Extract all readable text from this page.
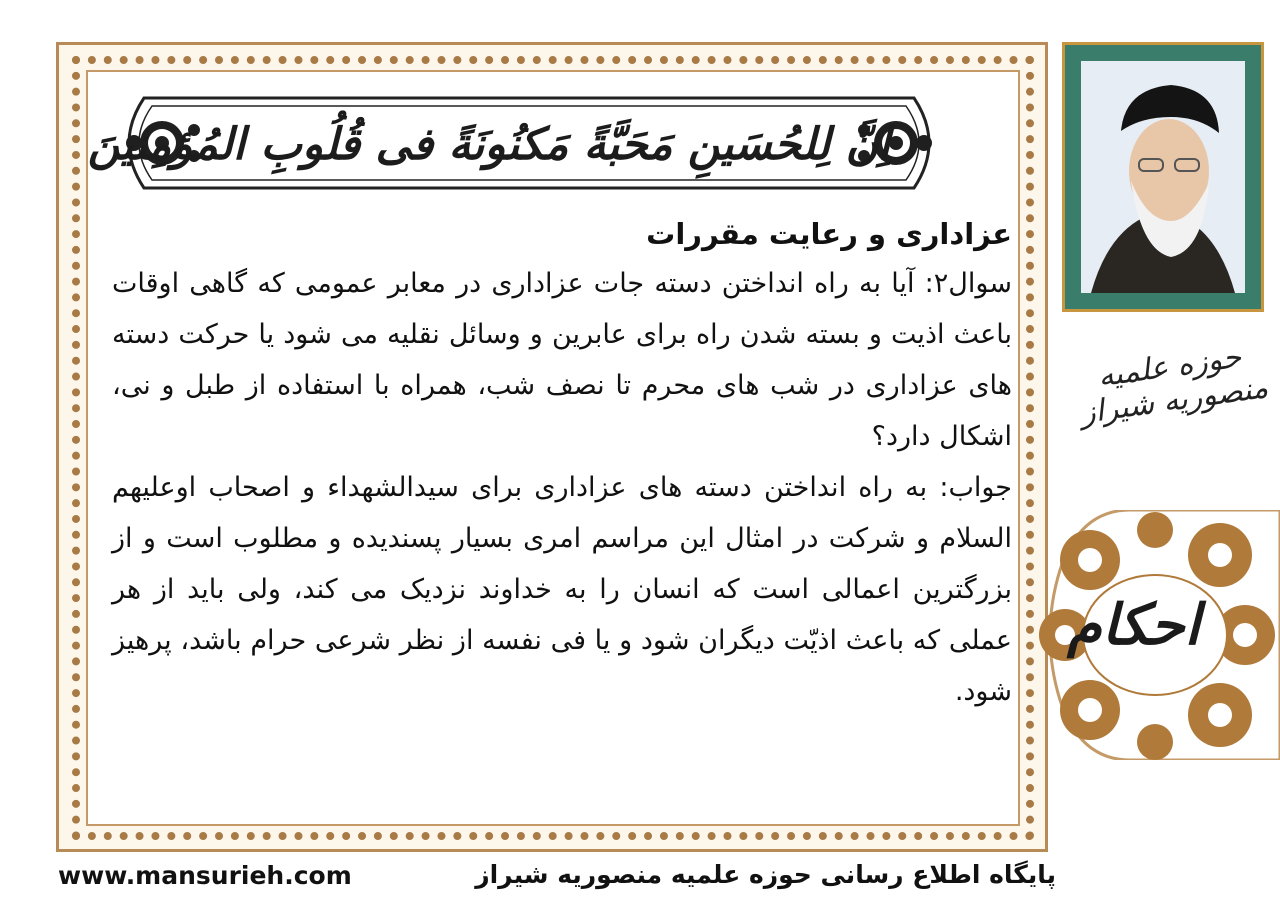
اِنَّ لِلحُسَینِ مَحَبَّةً مَکنُونَةً فی قُلُوبِ المُؤمِنینَ

عزاداری و رعایت مقررات

سوال۲: آیا به راه انداختن دسته جات عزاداری در معابر عمومی که گاهی اوقات باعث اذیت و بسته شدن راه برای عابرین و وسائل نقلیه می شود یا حرکت دسته های عزاداری در شب های محرم تا نصف شب، همراه با استفاده از طبل و نی، اشکال دارد؟

جواب: به راه انداختن دسته های عزاداری برای سیدالشهداء و اصحاب اوعلیهم السلام و شرکت در امثال این مراسم امری بسیار پسندیده و مطلوب است و از بزرگترین اعمالی است که انسان را به خداوند نزدیک می کند، ولی باید از هر عملی که باعث اذیّت دیگران شود و یا فی نفسه از نظر شرعی حرام باشد، پرهیز شود.

حوزه علمیه منصوریه شیراز
احکام
www.mansurieh.com	پایگاه اطلاع رسانی حوزه علمیه منصوریه شیراز
